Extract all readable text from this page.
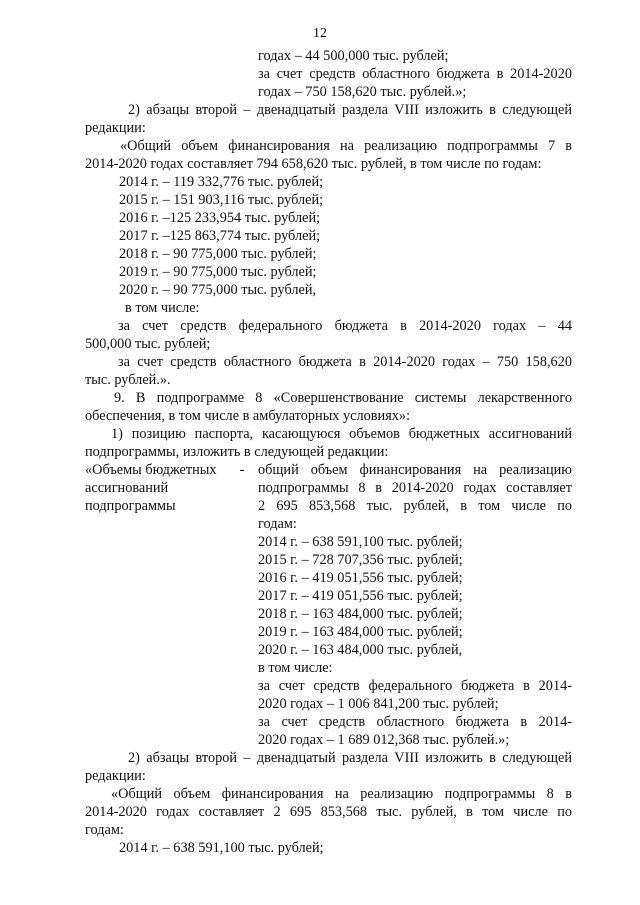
12
годах – 44 500,000 тыс. рублей;
за счет средств областного бюджета в 2014-2020
годах – 750 158,620 тыс. рублей.»;
2) абзацы второй – двенадцатый раздела VIII изложить в следующей
редакции:
«Общий объем финансирования на реализацию подпрограммы 7 в
2014-2020 годах составляет 794 658,620 тыс. рублей, в том числе по годам:
2014 г. – 119 332,776 тыс. рублей;
2015 г. – 151 903,116 тыс. рублей;
2016 г. –125 233,954 тыс. рублей;
2017 г. –125 863,774 тыс. рублей;
2018 г. – 90 775,000 тыс. рублей;
2019 г. – 90 775,000 тыс. рублей;
2020 г. – 90 775,000 тыс. рублей,
в том числе:
за счет средств федерального бюджета в 2014-2020 годах – 44
500,000 тыс. рублей;
за счет средств областного бюджета в 2014-2020 годах – 750 158,620
тыс. рублей.».
9. В подпрограмме 8 «Совершенствование системы лекарственного
обеспечения, в том числе в амбулаторных условиях»:
1) позицию паспорта, касающуюся объемов бюджетных ассигнований
подпрограммы, изложить в следующей редакции:
«Объемы бюджетных
ассигнований
подпрограммы
- общий объем финансирования на реализацию
подпрограммы 8 в 2014-2020 годах составляет
2 695 853,568 тыс. рублей, в том числе по
годам:
2014 г. – 638 591,100 тыс. рублей;
2015 г. – 728 707,356 тыс. рублей;
2016 г. – 419 051,556 тыс. рублей;
2017 г. – 419 051,556 тыс. рублей;
2018 г. – 163 484,000 тыс. рублей;
2019 г. – 163 484,000 тыс. рублей;
2020 г. – 163 484,000 тыс. рублей,
в том числе:
за счет средств федерального бюджета в 2014-
2020 годах – 1 006 841,200 тыс. рублей;
за счет средств областного бюджета в 2014-
2020 годах – 1 689 012,368 тыс. рублей.»;
2) абзацы второй – двенадцатый раздела VIII изложить в следующей
редакции:
«Общий объем финансирования на реализацию подпрограммы 8 в
2014-2020 годах составляет 2 695 853,568 тыс. рублей, в том числе по
годам:
2014 г. – 638 591,100 тыс. рублей;
